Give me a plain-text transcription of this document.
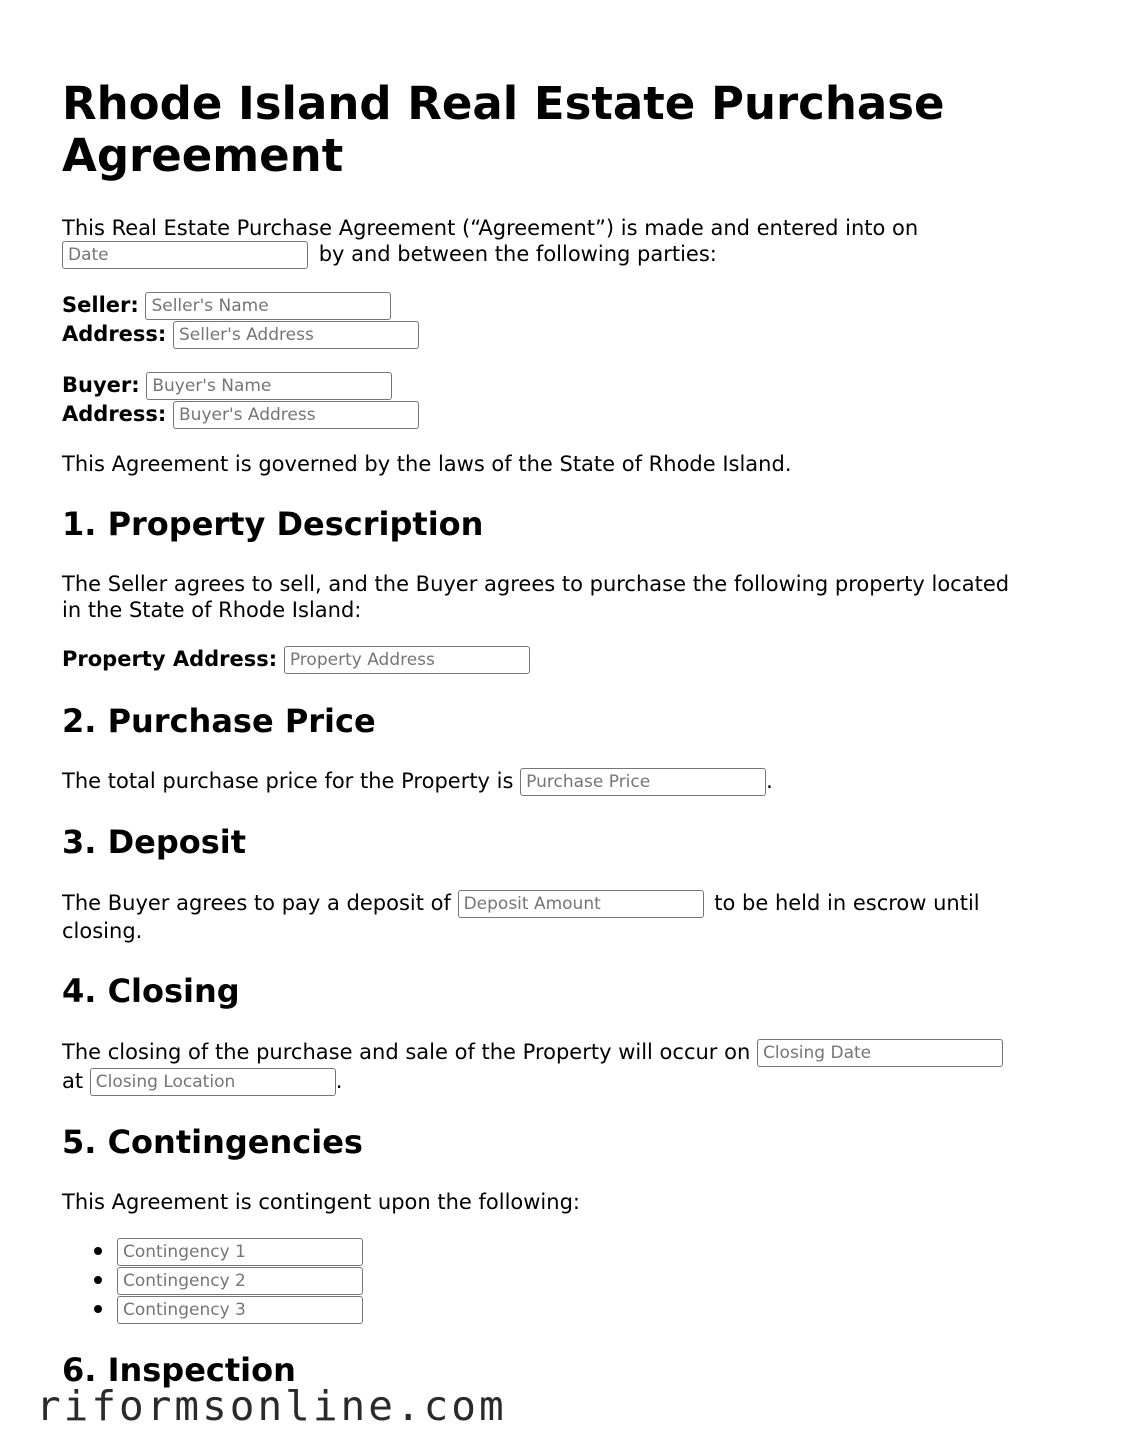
Rhode Island Real Estate Purchase Agreement
This Real Estate Purchase Agreement (“Agreement”) is made and entered into on
Date by and between the following parties:
Seller: Seller's Name
Address: Seller's Address
Buyer: Buyer's Name
Address: Buyer's Address
This Agreement is governed by the laws of the State of Rhode Island.
1. Property Description
The Seller agrees to sell, and the Buyer agrees to purchase the following property located
in the State of Rhode Island:
Property Address: Property Address
2. Purchase Price
The total purchase price for the Property is Purchase Price	.
3. Deposit
The Buyer agrees to pay a deposit of Deposit Amount	to be held in escrow until
closing.
4. Closing
The closing of the purchase and sale of the Property will occur on Closing Date
at Closing Location	.
5. Contingencies
This Agreement is contingent upon the following:
Contingency 1
Contingency 2
Contingency 3
6. Inspection
riformsonline.com
